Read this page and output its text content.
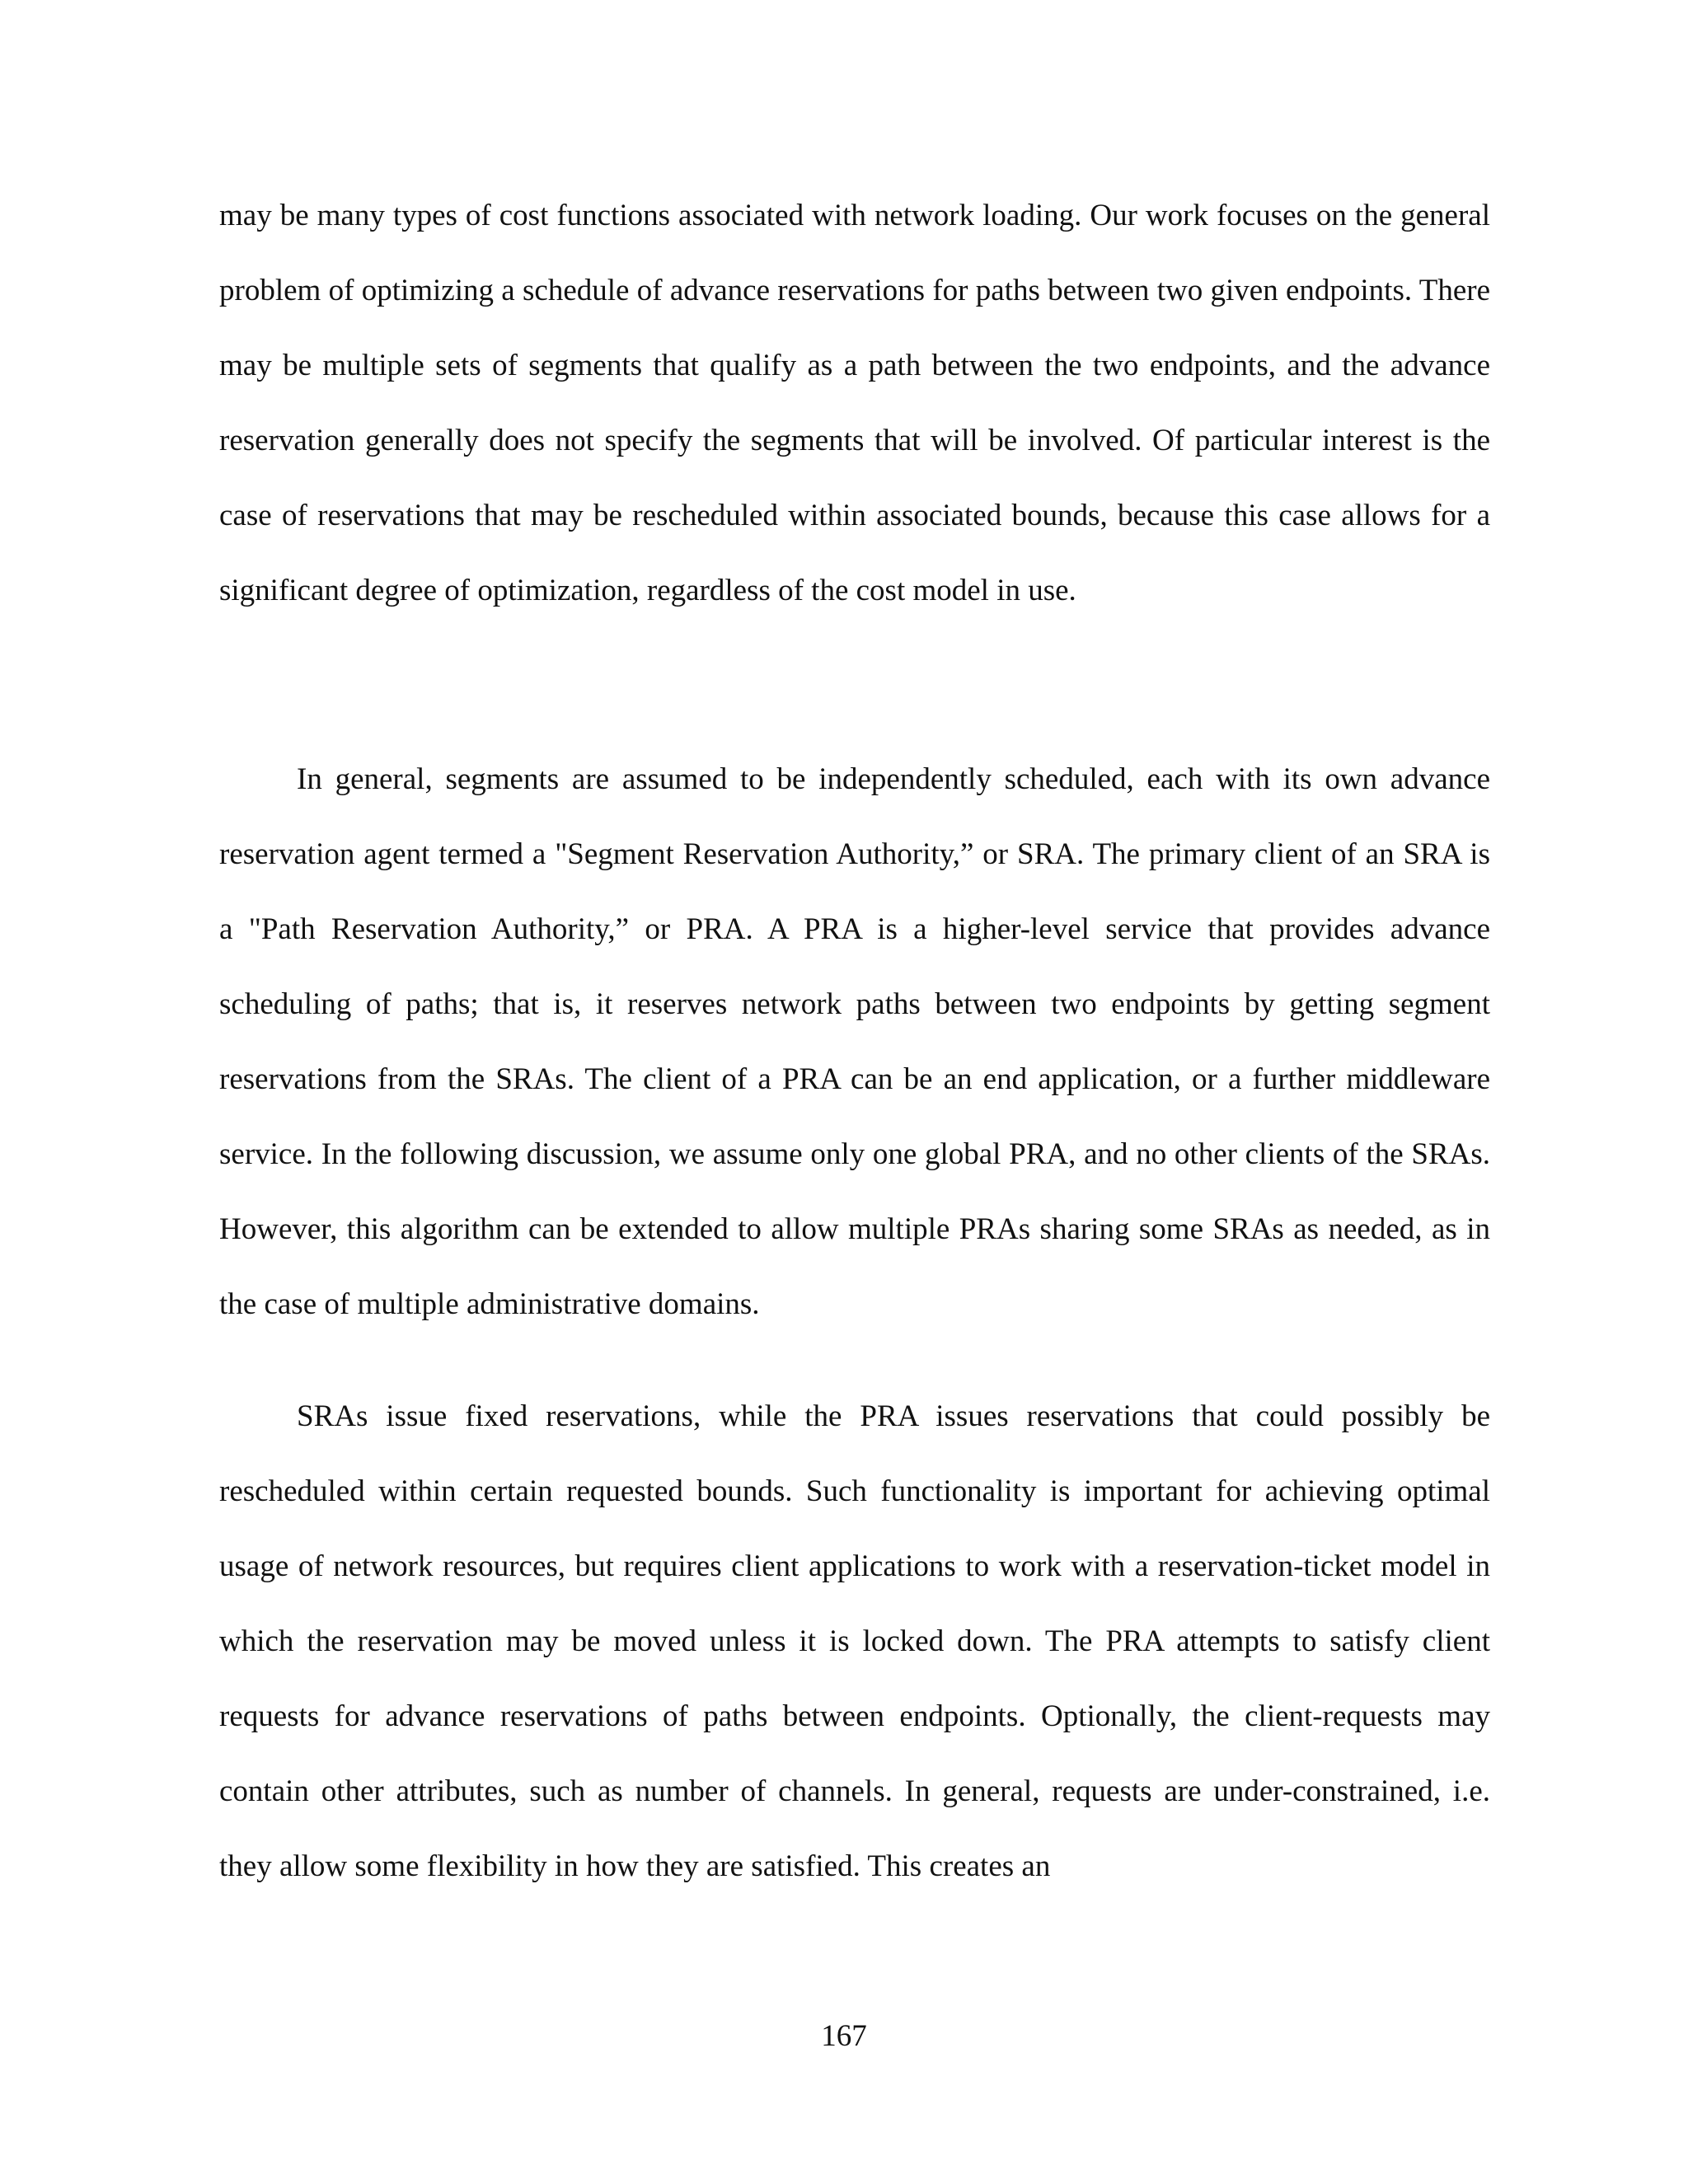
may be many types of cost functions associated with network loading. Our work focuses on the general problem of optimizing a schedule of advance reservations for paths between two given endpoints. There may be multiple sets of segments that qualify as a path between the two endpoints, and the advance reservation generally does not specify the segments that will be involved. Of particular interest is the case of reservations that may be rescheduled within associated bounds, because this case allows for a significant degree of optimization, regardless of the cost model in use.

In general, segments are assumed to be independently scheduled, each with its own advance reservation agent termed a "Segment Reservation Authority,” or SRA. The primary client of an SRA is a "Path Reservation Authority,” or PRA. A PRA is a higher-level service that provides advance scheduling of paths; that is, it reserves network paths between two endpoints by getting segment reservations from the SRAs. The client of a PRA can be an end application, or a further middleware service. In the following discussion, we assume only one global PRA, and no other clients of the SRAs. However, this algorithm can be extended to allow multiple PRAs sharing some SRAs as needed, as in the case of multiple administrative domains.

SRAs issue fixed reservations, while the PRA issues reservations that could possibly be rescheduled within certain requested bounds. Such functionality is important for achieving optimal usage of network resources, but requires client applications to work with a reservation-ticket model in which the reservation may be moved unless it is locked down. The PRA attempts to satisfy client requests for advance reservations of paths between endpoints. Optionally, the client-requests may contain other attributes, such as number of channels. In general, requests are under-constrained, i.e. they allow some flexibility in how they are satisfied. This creates an

167
